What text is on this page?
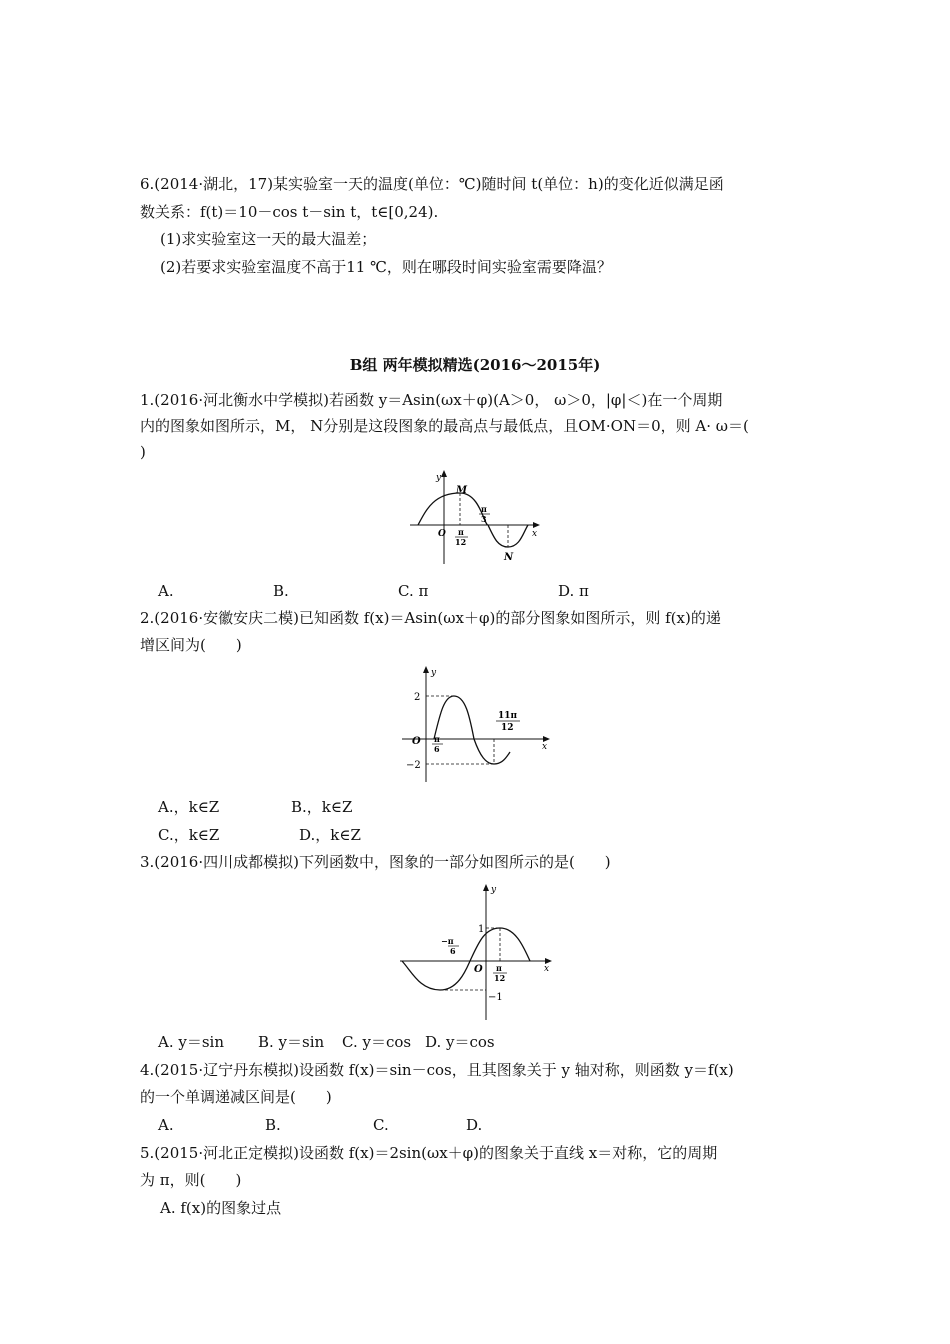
6.(2014·湖北，17)某实验室一天的温度(单位：℃)随时间 t(单位：h)的变化近似满足函
数关系：f(t)＝10－cos t－sin t，t∈[0,24).
(1)求实验室这一天的最大温差；
(2)若要求实验室温度不高于11 ℃，则在哪段时间实验室需要降温？
B组 两年模拟精选(2016～2015年)
1.(2016·河北衡水中学模拟)若函数 y＝Asin(ωx＋φ)(A＞0， ω＞0，|φ|＜)在一个周期
内的图象如图所示，M， N分别是这段图象的最高点与最低点，且OM·ON＝0，则 A· ω＝(
)
y
x
O
M
N
π
12
π
3
A.	B.	C. π	D. π
2.(2016·安徽安庆二模)已知函数 f(x)＝Asin(ωx＋φ)的部分图象如图所示，则 f(x)的递
增区间为(　　)
y
x
O
2
−2
π
6
11π
12
A.，k∈Z	B.，k∈Z
C.，k∈Z	D.，k∈Z
3.(2016·四川成都模拟)下列函数中，图象的一部分如图所示的是(　　)
y
x
O
1
−1
−π
6
π
12
A. y＝sin B. y＝sin C. y＝cos D. y＝cos
4.(2015·辽宁丹东模拟)设函数 f(x)＝sin－cos，且其图象关于 y 轴对称，则函数 y＝f(x)
的一个单调递减区间是(　　)
A.	B.	C.	D.
5.(2015·河北正定模拟)设函数 f(x)＝2sin(ωx＋φ)的图象关于直线 x＝对称，它的周期
为 π，则(　　)
A. f(x)的图象过点
